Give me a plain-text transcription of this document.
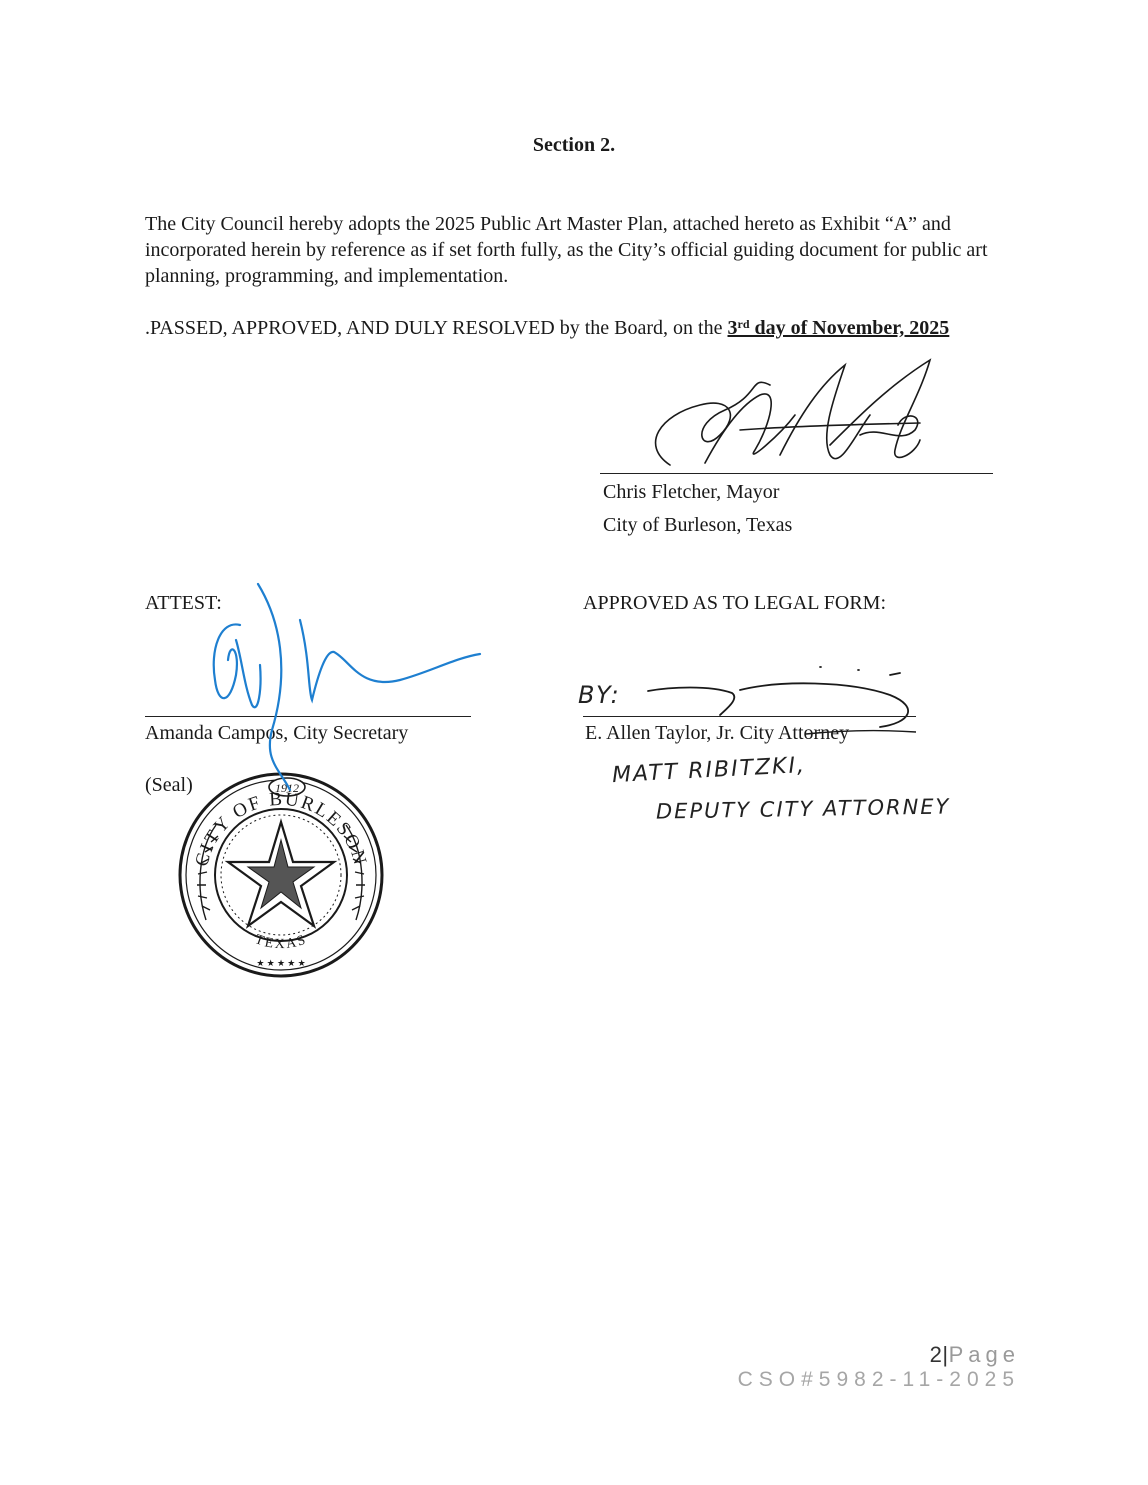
Section 2.
The City Council hereby adopts the 2025 Public Art Master Plan, attached hereto as Exhibit “A” and incorporated herein by reference as if set forth fully, as the City’s official guiding document for public art planning, programming, and implementation.
.PASSED, APPROVED, AND DULY RESOLVED by the Board, on the 3rd day of November, 2025
Chris Fletcher, Mayor
City of Burleson, Texas
ATTEST:
Amanda Campos, City Secretary
(Seal)	1912
CITY OF BURLESON
TEXAS
★ ★ ★ ★ ★
APPROVED AS TO LEGAL FORM:
BY:
E. Allen Taylor, Jr. City Attorney
MATT RIBITZKI,
DEPUTY CITY ATTORNEY
2|Page
CSO#5982-11-2025
